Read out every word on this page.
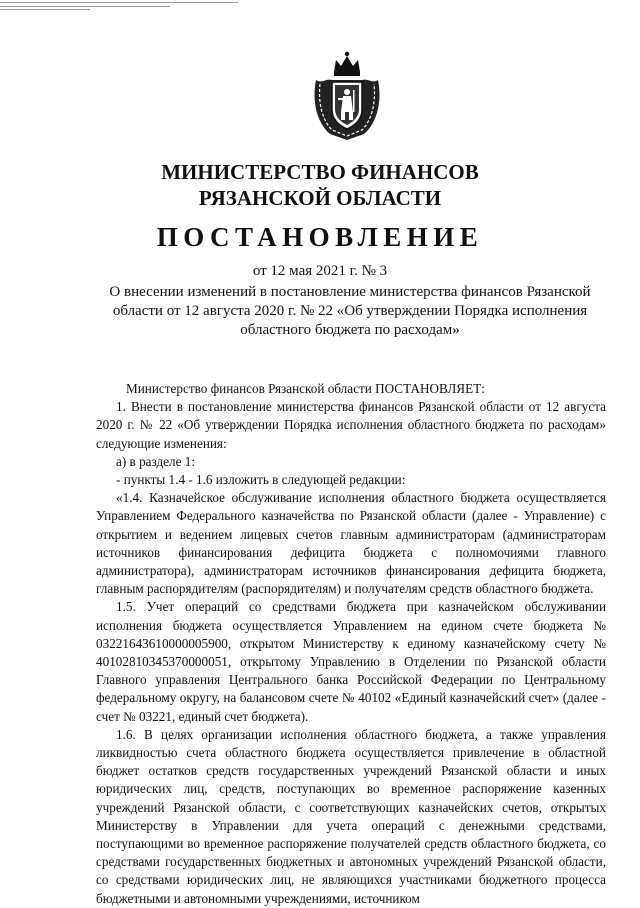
МИНИСТЕРСТВО ФИНАНСОВ
РЯЗАНСКОЙ ОБЛАСТИ
ПОСТАНОВЛЕНИЕ
от 12 мая 2021 г. № 3
О внесении изменений в постановление министерства финансов Рязанской области от 12 августа 2020 г. № 22 «Об утверждении Порядка исполнения областного бюджета по расходам»

Министерство финансов Рязанской области ПОСТАНОВЛЯЕТ:

1. Внести в постановление министерства финансов Рязанской области от 12 августа 2020 г. № 22 «Об утверждении Порядка исполнения областного бюджета по расходам» следующие изменения:

а) в разделе 1:

- пункты 1.4 - 1.6 изложить в следующей редакции:

«1.4. Казначейское обслуживание исполнения областного бюджета осуществляется Управлением Федерального казначейства по Рязанской области (далее - Управление) с открытием и ведением лицевых счетов главным администраторам (администраторам источников финансирования дефицита бюджета с полномочиями главного администратора), администраторам источников финансирования дефицита бюджета, главным распорядителям (распорядителям) и получателям средств областного бюджета.

1.5. Учет операций со средствами бюджета при казначейском обслуживании исполнения бюджета осуществляется Управлением на едином счете бюджета № 03221643610000005900, открытом Министерству к единому казначейскому счету № 40102810345370000051, открытому Управлению в Отделении по Рязанской области Главного управления Центрального банка Российской Федерации по Центральному федеральному округу, на балансовом счете № 40102 «Единый казначейский счет» (далее - счет № 03221, единый счет бюджета).

1.6. В целях организации исполнения областного бюджета, а также управления ликвидностью счета областного бюджета осуществляется привлечение в областной бюджет остатков средств государственных учреждений Рязанской области и иных юридических лиц, средств, поступающих во временное распоряжение казенных учреждений Рязанской области, с соответствующих казначейских счетов, открытых Министерству в Управлении для учета операций с денежными средствами, поступающими во временное распоряжение получателей средств областного бюджета, со средствами государственных бюджетных и автономных учреждений Рязанской области, со средствами юридических лиц, не являющихся участниками бюджетного процесса бюджетными и автономными учреждениями, источником
